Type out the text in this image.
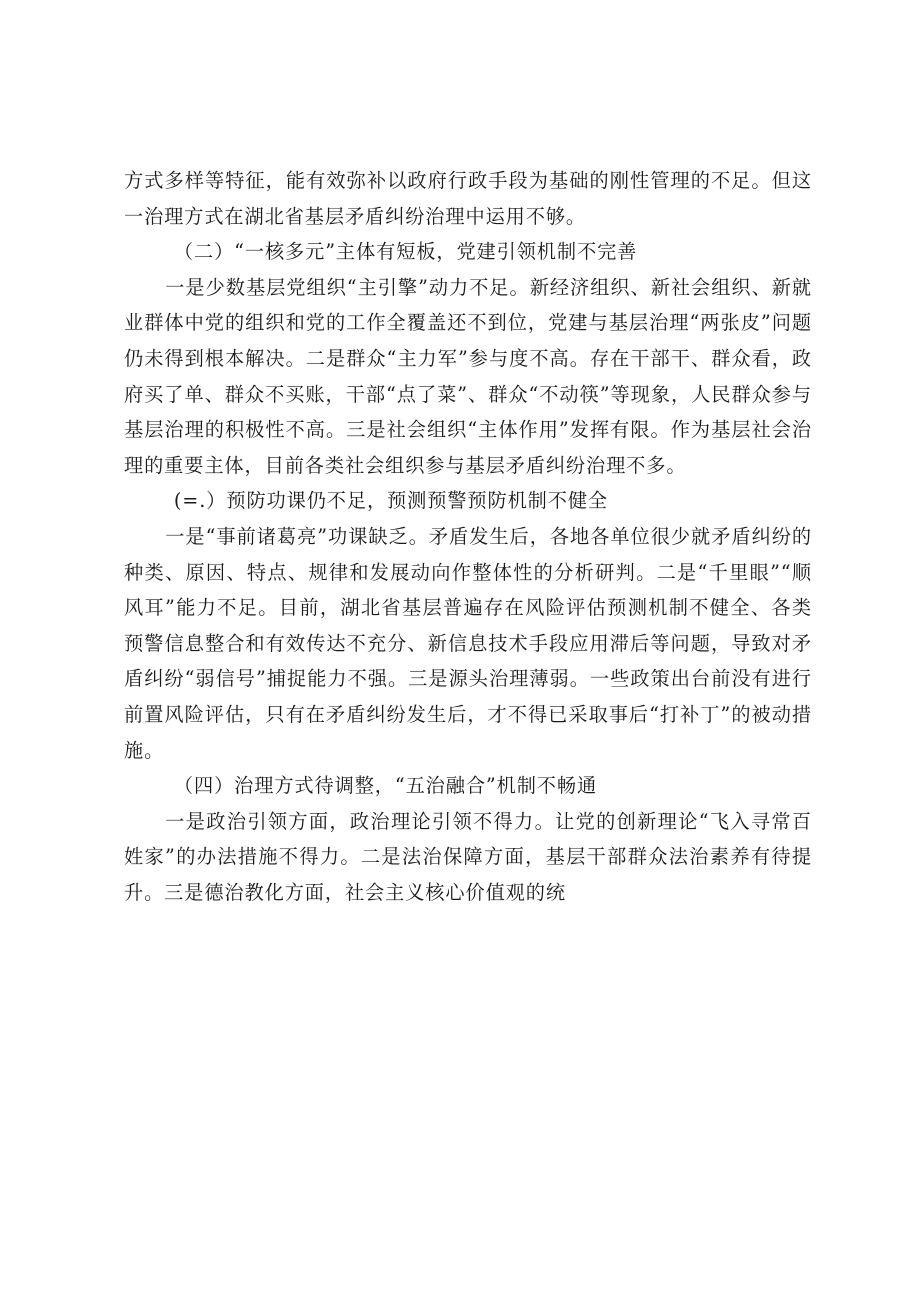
方式多样等特征，能有效弥补以政府行政手段为基础的刚性管理的不足。但这一治理方式在湖北省基层矛盾纠纷治理中运用不够。

（二）“一核多元”主体有短板，党建引领机制不完善

一是少数基层党组织“主引擎”动力不足。新经济组织、新社会组织、新就业群体中党的组织和党的工作全覆盖还不到位，党建与基层治理“两张皮”问题仍未得到根本解决。二是群众“主力军”参与度不高。存在干部干、群众看，政府买了单、群众不买账，干部“点了菜”、群众“不动筷”等现象，人民群众参与基层治理的积极性不高。三是社会组织“主体作用”发挥有限。作为基层社会治理的重要主体，目前各类社会组织参与基层矛盾纠纷治理不多。

(=.）预防功课仍不足，预测预警预防机制不健全

一是“事前诸葛亮”功课缺乏。矛盾发生后，各地各单位很少就矛盾纠纷的种类、原因、特点、规律和发展动向作整体性的分析研判。二是“千里眼”“顺风耳”能力不足。目前，湖北省基层普遍存在风险评估预测机制不健全、各类预警信息整合和有效传达不充分、新信息技术手段应用滞后等问题，导致对矛盾纠纷“弱信号”捕捉能力不强。三是源头治理薄弱。一些政策出台前没有进行前置风险评估，只有在矛盾纠纷发生后，才不得已采取事后“打补丁”的被动措施。

（四）治理方式待调整，“五治融合”机制不畅通

一是政治引领方面，政治理论引领不得力。让党的创新理论“飞入寻常百姓家”的办法措施不得力。二是法治保障方面，基层干部群众法治素养有待提升。三是德治教化方面，社会主义核心价值观的统
